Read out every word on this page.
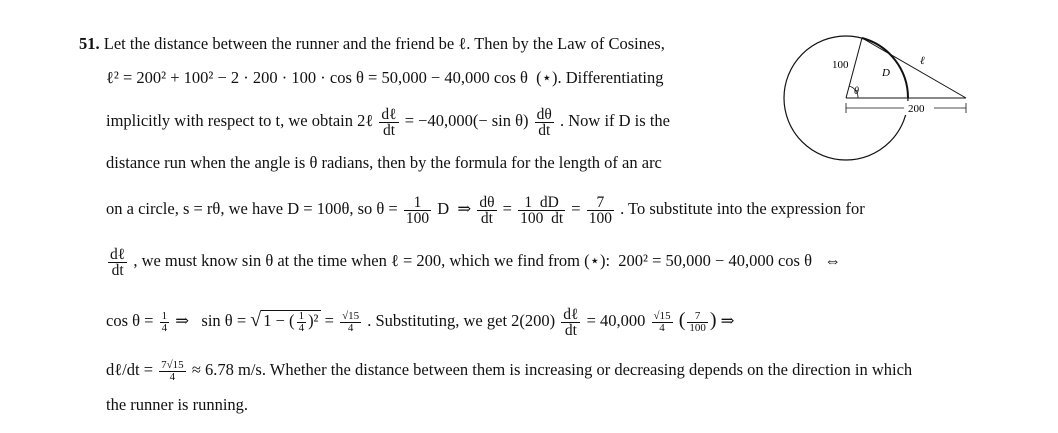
51. Let the distance between the runner and the friend be ℓ. Then by the Law of Cosines,
ℓ² = 200² + 100² − 2 · 200 · 100 · cos θ = 50,000 − 40,000 cos θ  (⋆). Differentiating
implicitly with respect to t, we obtain 2ℓ $\frac{\text{dℓ}}{dt} = -40,000(- \sin \theta) \frac{d\theta}{dt}$ . Now if D is the
distance run when the angle is θ radians, then by the formula for the length of an arc
on a circle, s = rθ, we have D = 100θ, so $\theta = \frac{1}{100}$ D  ⇒ $\frac{d\theta}{dt} = \frac{1 dD}{100 dt} = \frac{7}{100}$ . To substitute into the expression for
$\frac{\text{dℓ}}{dt}$ , we must know sin θ at the time when ℓ = 200, which we find from (⋆):  200² = 50,000 − 40,000 cos θ   ⇔
$\cos \theta = \frac{1}{4}$ ⇒   sin θ = √ 1 − ( $\frac{1}{4} )^2 = \frac{√15}{4}$ . Substituting, we get $2(200) \frac{\text{dℓ}}{dt} = 40,000 \frac{√15}{4}$ ( $\frac{7}{100}$ ) ⇒
dℓ/dt = $\frac{7√15}{4} \approx 6.78$ m/s. Whether the distance between them is increasing or decreasing depends on the direction in which
the runner is running.
200
100
D
ℓ
θ
